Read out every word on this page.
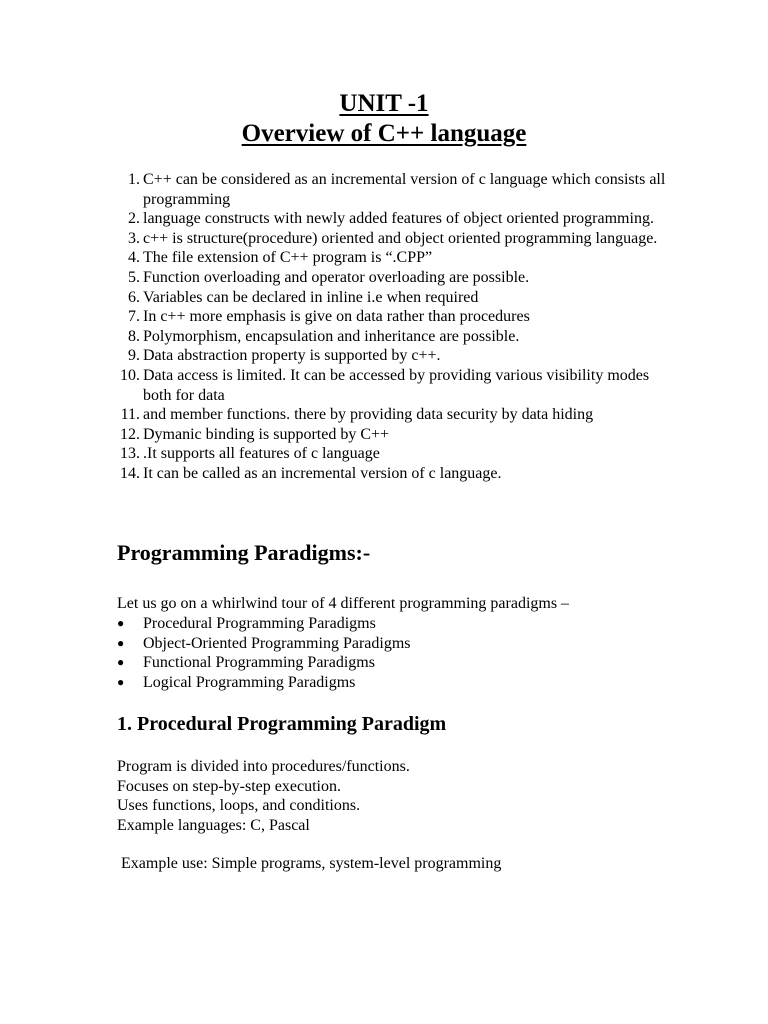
UNIT -1
Overview of C++ language
1. C++ can be considered as an incremental version of c language which consists all programming
2. language constructs with newly added features of object oriented programming.
3. c++ is structure(procedure) oriented and object oriented programming language.
4. The file extension of C++ program is “.CPP”
5. Function overloading and operator overloading are possible.
6. Variables can be declared in inline i.e when required
7. In c++ more emphasis is give on data rather than procedures
8. Polymorphism, encapsulation and inheritance are possible.
9. Data abstraction property is supported by c++.
10. Data access is limited. It can be accessed by providing various visibility modes both for data
11. and member functions. there by providing data security by data hiding
12. Dymanic binding is supported by C++
13. .It supports all features of c language
14. It can be called as an incremental version of c language.
Programming Paradigms:-

Let us go on a whirlwind tour of 4 different programming paradigms –

● Procedural Programming Paradigms
● Object-Oriented Programming Paradigms
● Functional Programming Paradigms
● Logical Programming Paradigms
1. Procedural Programming Paradigm
Program is divided into procedures/functions.
Focuses on step-by-step execution.
Uses functions, loops, and conditions.
Example languages: C, Pascal

Example use: Simple programs, system-level programming
